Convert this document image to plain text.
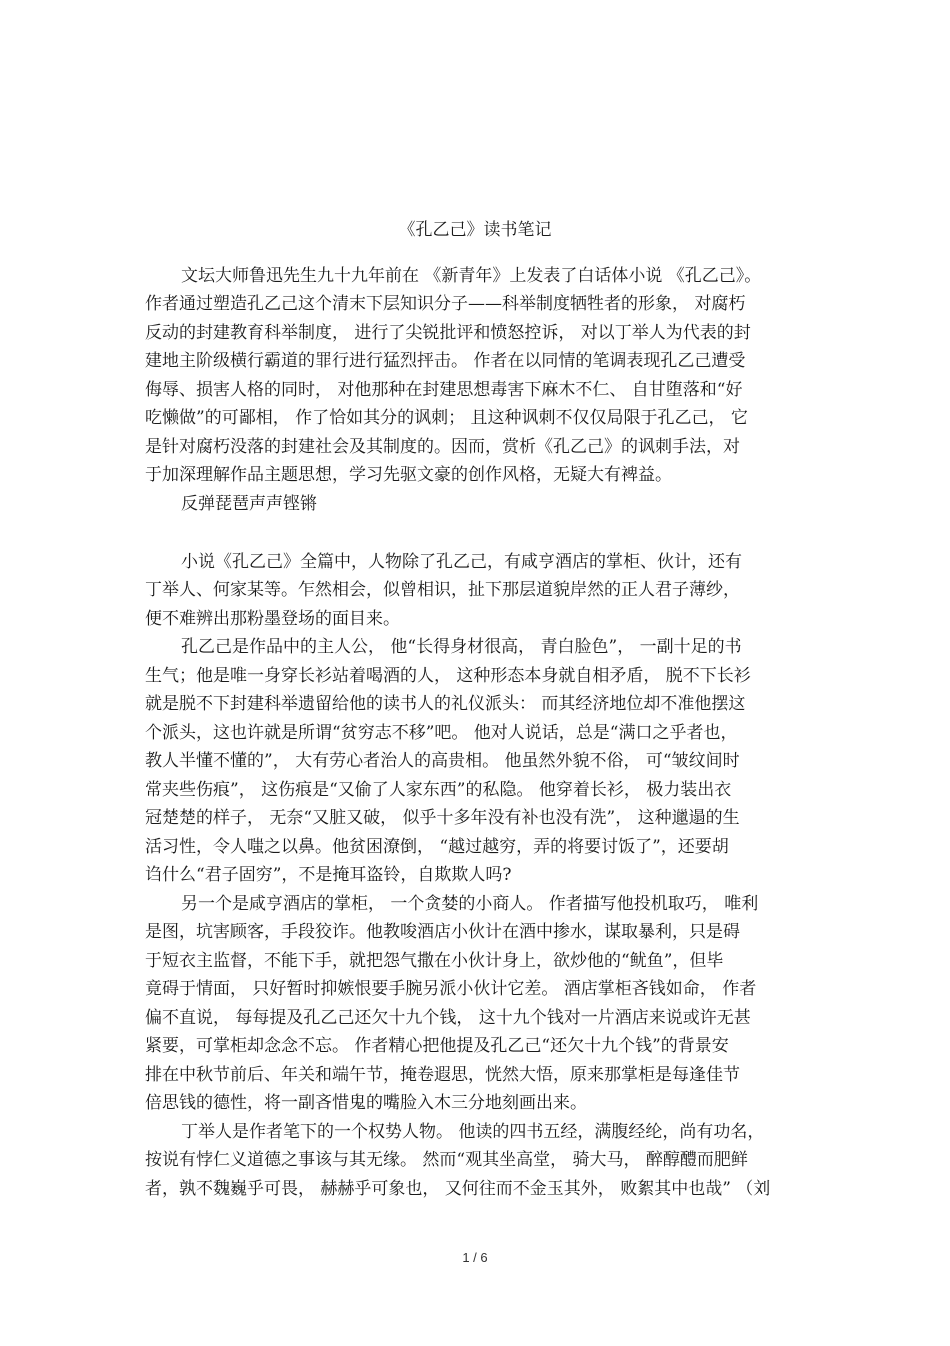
《孔乙己》读书笔记
文坛大师鲁迅先生九十九年前在 《新青年》上发表了白话体小说 《孔乙己》。
作者通过塑造孔乙己这个清末下层知识分子——科举制度牺牲者的形象， 对腐朽
反动的封建教育科举制度， 进行了尖锐批评和愤怒控诉， 对以丁举人为代表的封
建地主阶级横行霸道的罪行进行猛烈抨击。 作者在以同情的笔调表现孔乙己遭受
侮辱、损害人格的同时， 对他那种在封建思想毒害下麻木不仁、 自甘堕落和“好
吃懒做”的可鄙相， 作了恰如其分的讽刺； 且这种讽刺不仅仅局限于孔乙己， 它
是针对腐朽没落的封建社会及其制度的。因而，赏析《孔乙己》的讽刺手法，对
于加深理解作品主题思想，学习先驱文豪的创作风格，无疑大有裨益。
反弹琵琶声声铿锵
小说《孔乙己》全篇中，人物除了孔乙己，有咸亨酒店的掌柜、伙计，还有
丁举人、何家某等。乍然相会，似曾相识，扯下那层道貌岸然的正人君子薄纱，
便不难辨出那粉墨登场的面目来。
孔乙己是作品中的主人公， 他“长得身材很高， 青白脸色”， 一副十足的书
生气；他是唯一身穿长衫站着喝酒的人， 这种形态本身就自相矛盾， 脱不下长衫
就是脱不下封建科举遗留给他的读书人的礼仪派头： 而其经济地位却不准他摆这
个派头，这也许就是所谓“贫穷志不移”吧。 他对人说话，总是“满口之乎者也，
教人半懂不懂的”， 大有劳心者治人的高贵相。 他虽然外貌不俗， 可“皱纹间时
常夹些伤痕”， 这伤痕是“又偷了人家东西”的私隐。 他穿着长衫， 极力装出衣
冠楚楚的样子， 无奈“又脏又破， 似乎十多年没有补也没有洗”， 这种邋遢的生
活习性，令人嗤之以鼻。他贫困潦倒， “越过越穷，弄的将要讨饭了”，还要胡
诌什么“君子固穷”，不是掩耳盗铃，自欺欺人吗?
另一个是咸亨酒店的掌柜， 一个贪婪的小商人。 作者描写他投机取巧， 唯利
是图，坑害顾客，手段狡诈。他教唆酒店小伙计在酒中掺水，谋取暴利，只是碍
于短衣主监督，不能下手，就把怨气撒在小伙计身上，欲炒他的“鱿鱼”，但毕
竟碍于情面， 只好暂时抑嫉恨要手腕另派小伙计它差。 酒店掌柜吝钱如命， 作者
偏不直说， 每每提及孔乙己还欠十九个钱， 这十九个钱对一片酒店来说或许无甚
紧要，可掌柜却念念不忘。 作者精心把他提及孔乙己“还欠十九个钱”的背景安
排在中秋节前后、年关和端午节，掩卷遐思，恍然大悟，原来那掌柜是每逢佳节
倍思钱的德性，将一副吝惜鬼的嘴脸入木三分地刻画出来。
丁举人是作者笔下的一个权势人物。 他读的四书五经，满腹经纶，尚有功名，
按说有悖仁义道德之事该与其无缘。 然而“观其坐高堂， 骑大马， 醉醇醴而肥鲜
者，孰不魏巍乎可畏， 赫赫乎可象也， 又何往而不金玉其外， 败絮其中也哉” （刘
1 / 6
